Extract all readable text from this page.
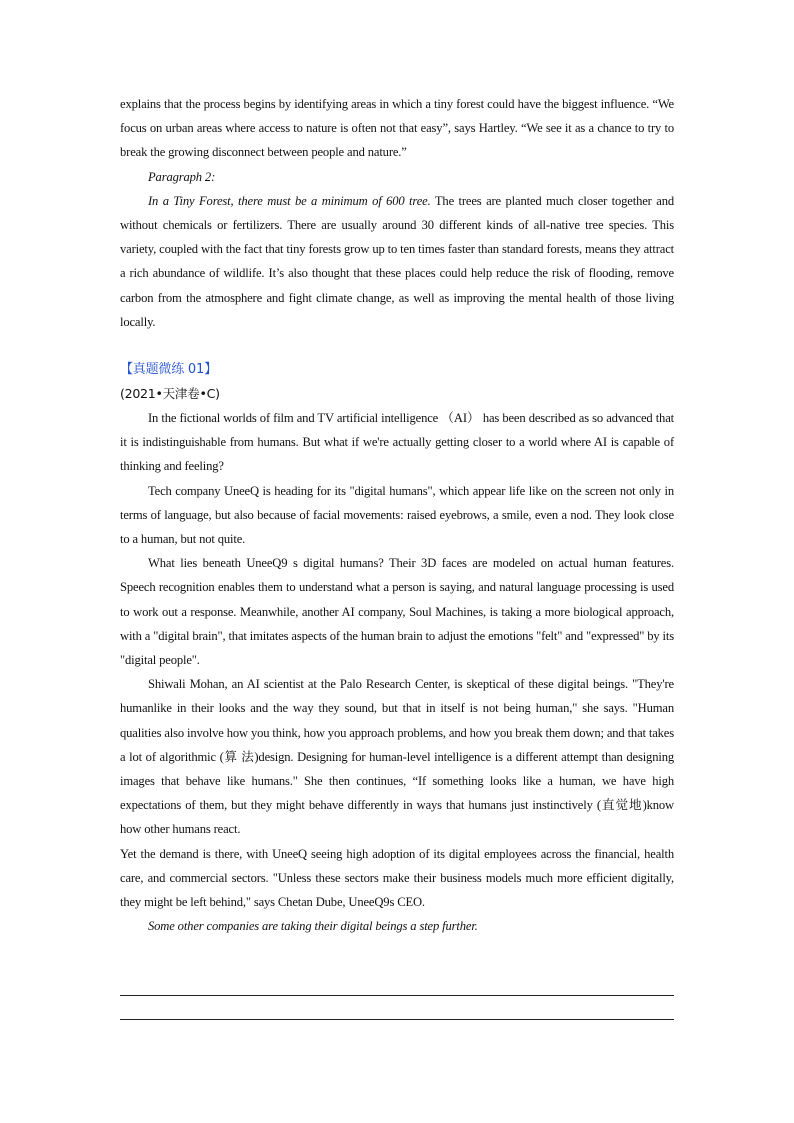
explains that the process begins by identifying areas in which a tiny forest could have the biggest influence. “We focus on urban areas where access to nature is often not that easy”, says Hartley. “We see it as a chance to try to break the growing disconnect between people and nature.”

Paragraph 2:

In a Tiny Forest, there must be a minimum of 600 tree. The trees are planted much closer together and without chemicals or fertilizers. There are usually around 30 different kinds of all-native tree species. This variety, coupled with the fact that tiny forests grow up to ten times faster than standard forests, means they attract a rich abundance of wildlife. It’s also thought that these places could help reduce the risk of flooding, remove carbon from the atmosphere and fight climate change, as well as improving the mental health of those living locally.

【真题微练 01】
(2021•天津卷•C)

In the fictional worlds of film and TV artificial intelligence （AI） has been described as so advanced that it is indistinguishable from humans. But what if we're actually getting closer to a world where AI is capable of thinking and feeling?

Tech company UneeQ is heading for its "digital humans", which appear life like on the screen not only in terms of language, but also because of facial movements: raised eyebrows, a smile, even a nod. They look close to a human, but not quite.

What lies beneath UneeQ9 s digital humans? Their 3D faces are modeled on actual human features. Speech recognition enables them to understand what a person is saying, and natural language processing is used to work out a response. Meanwhile, another AI company, Soul Machines, is taking a more biological approach, with a "digital brain", that imitates aspects of the human brain to adjust the emotions "felt" and "expressed" by its "digital people".

Shiwali Mohan, an AI scientist at the Palo Research Center, is skeptical of these digital beings. "They're humanlike in their looks and the way they sound, but that in itself is not being human," she says. "Human qualities also involve how you think, how you approach problems, and how you break them down; and that takes a lot of algorithmic (算 法)design. Designing for human-level intelligence is a different attempt than designing images that behave like humans." She then continues, “If something looks like a human, we have high expectations of them, but they might behave differently in ways that humans just instinctively (直觉地)know how other humans react.

Yet the demand is there, with UneeQ seeing high adoption of its digital employees across the financial, health care, and commercial sectors. "Unless these sectors make their business models much more efficient digitally, they might be left behind," says Chetan Dube, UneeQ9s CEO.

Some other companies are taking their digital beings a step further.
